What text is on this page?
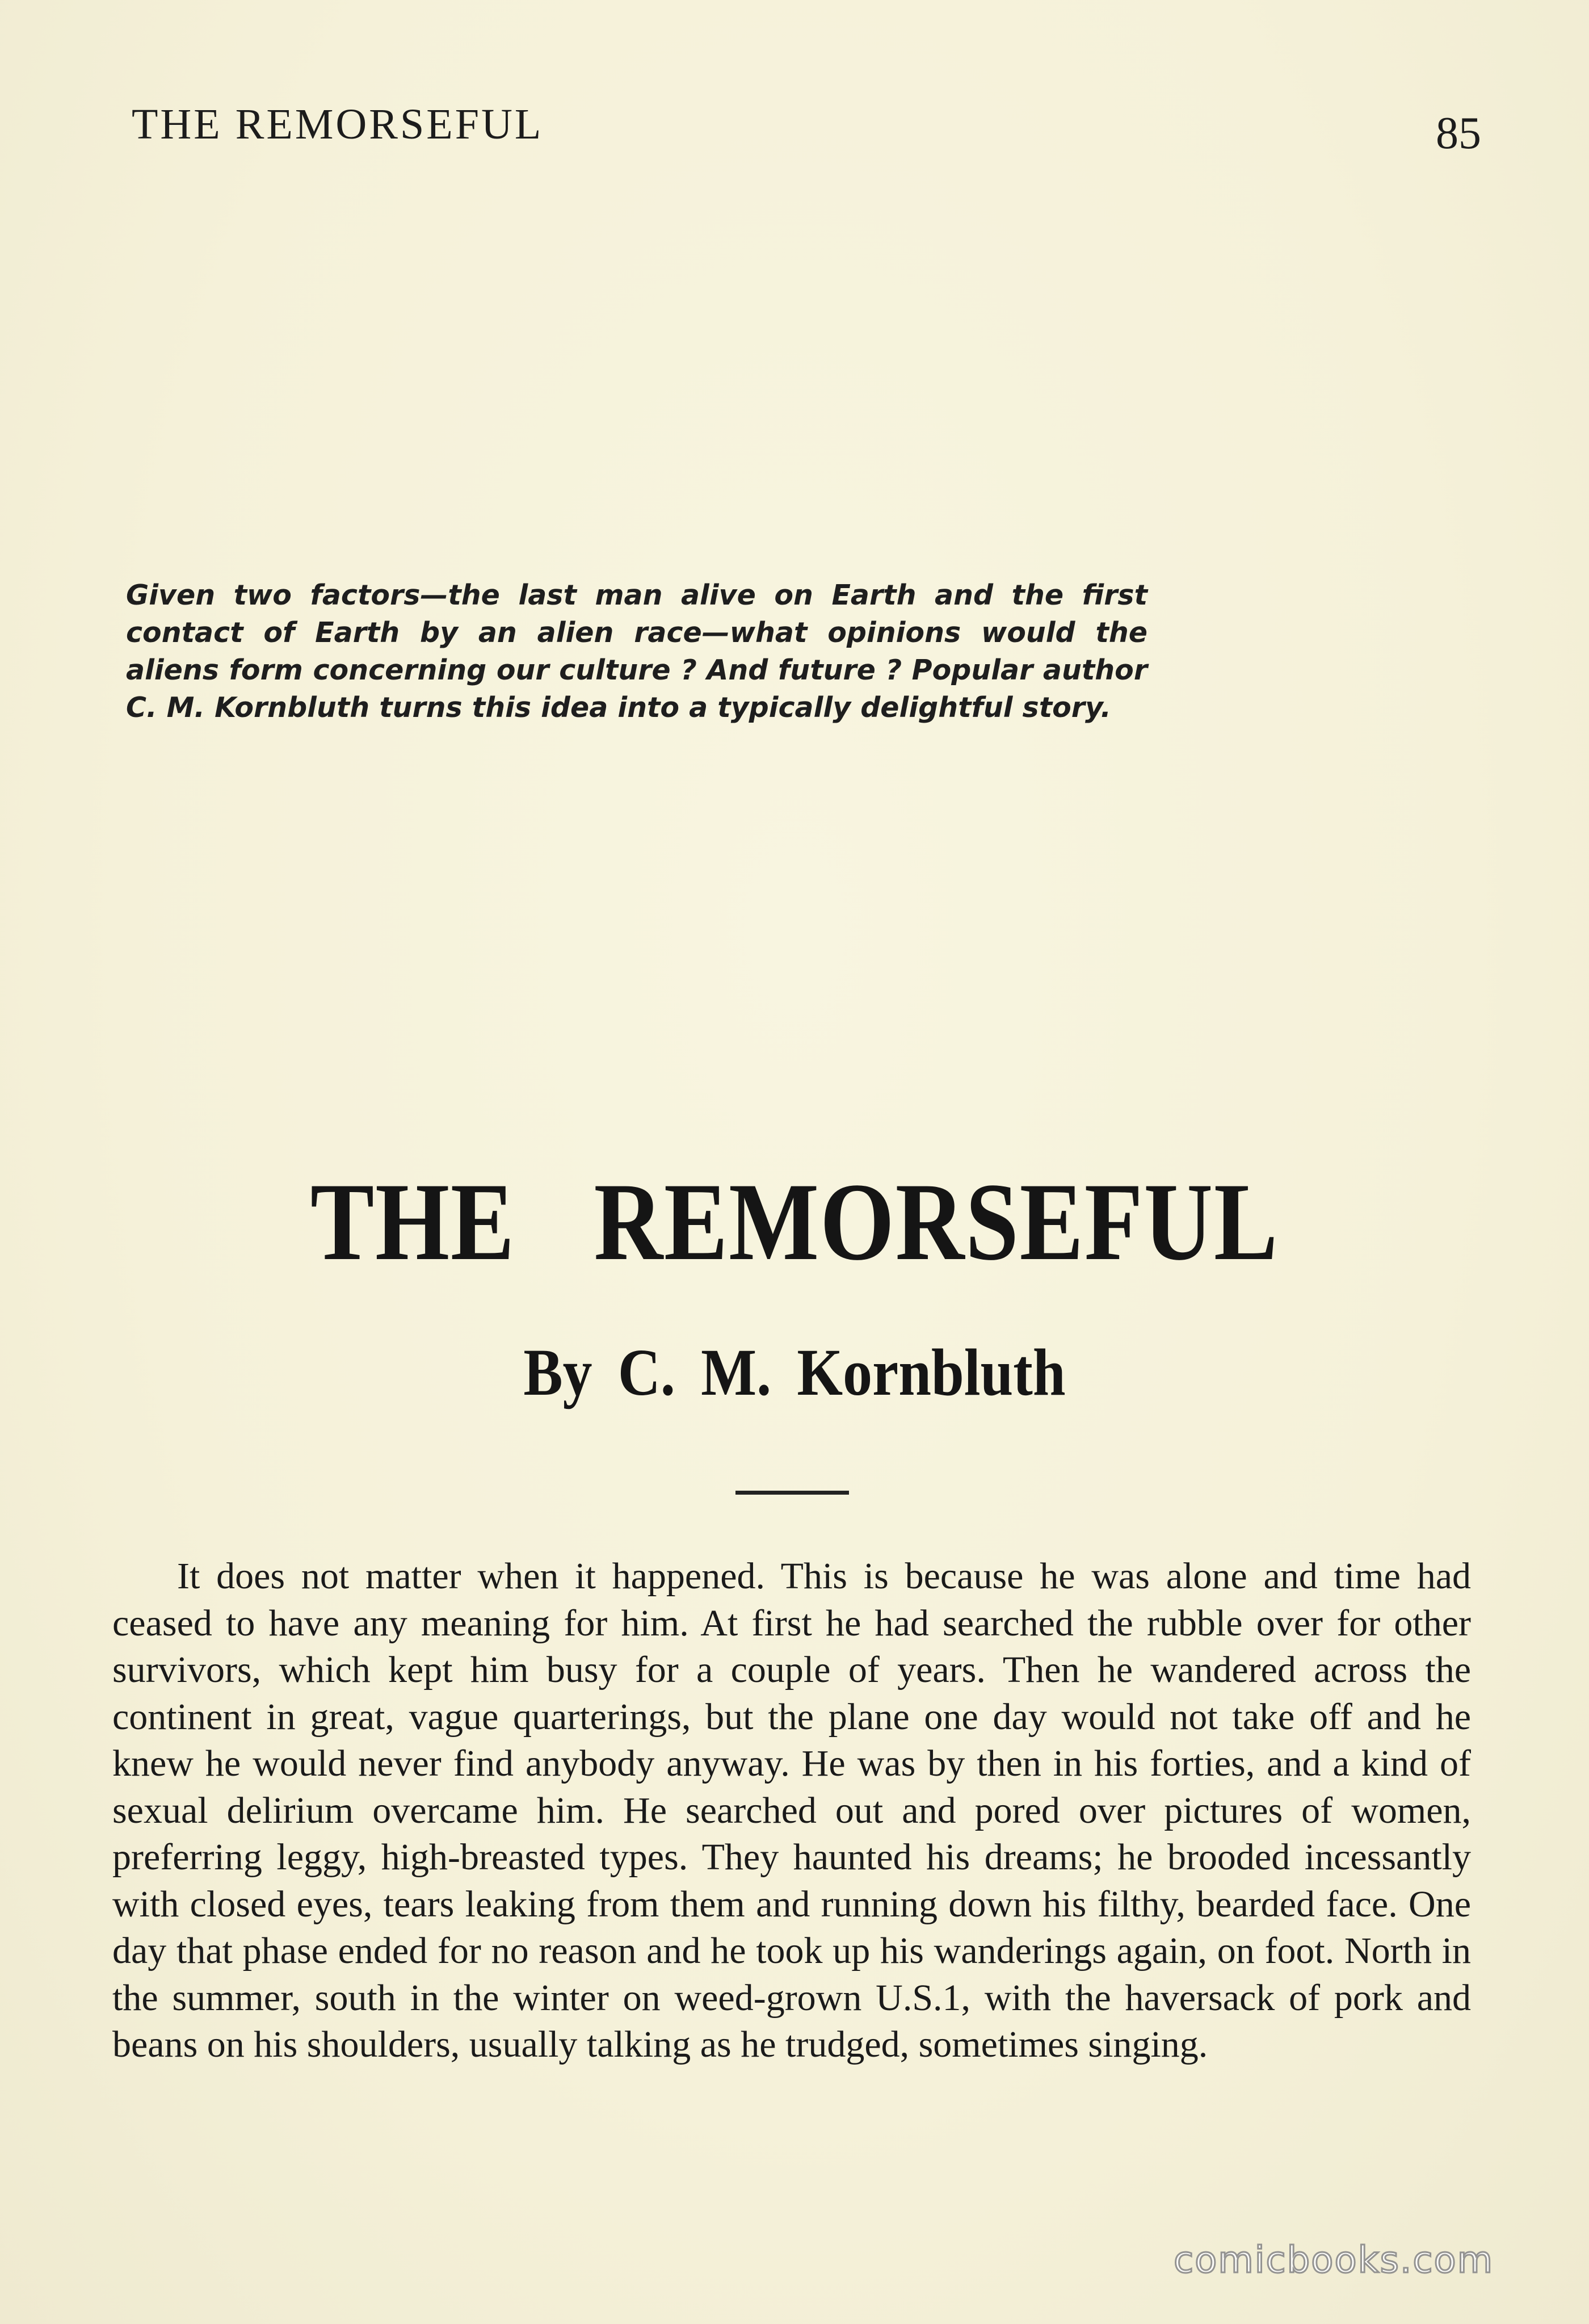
THE REMORSEFUL	85
Given two factors—the last man alive on Earth and the first contact of Earth by an alien race—what opinions would the aliens form concerning our culture ? And future ? Popular author C. M. Kornbluth turns this idea into a typically delightful story.
THE REMORSEFUL
By C. M. Kornbluth

It does not matter when it happened. This is because he was alone and time had ceased to have any meaning for him. At first he had searched the rubble over for other survivors, which kept him busy for a couple of years. Then he wandered across the continent in great, vague quarterings, but the plane one day would not take off and he knew he would never find anybody anyway. He was by then in his forties, and a kind of sexual delirium overcame him. He searched out and pored over pictures of women, preferring leggy, high-breasted types. They haunted his dreams; he brooded incessantly with closed eyes, tears leaking from them and running down his filthy, bearded face. One day that phase ended for no reason and he took up his wanderings again, on foot. North in the summer, south in the winter on weed-grown U.S.1, with the haversack of pork and beans on his shoulders, usually talking as he trudged, sometimes singing.

comicbooks.com
